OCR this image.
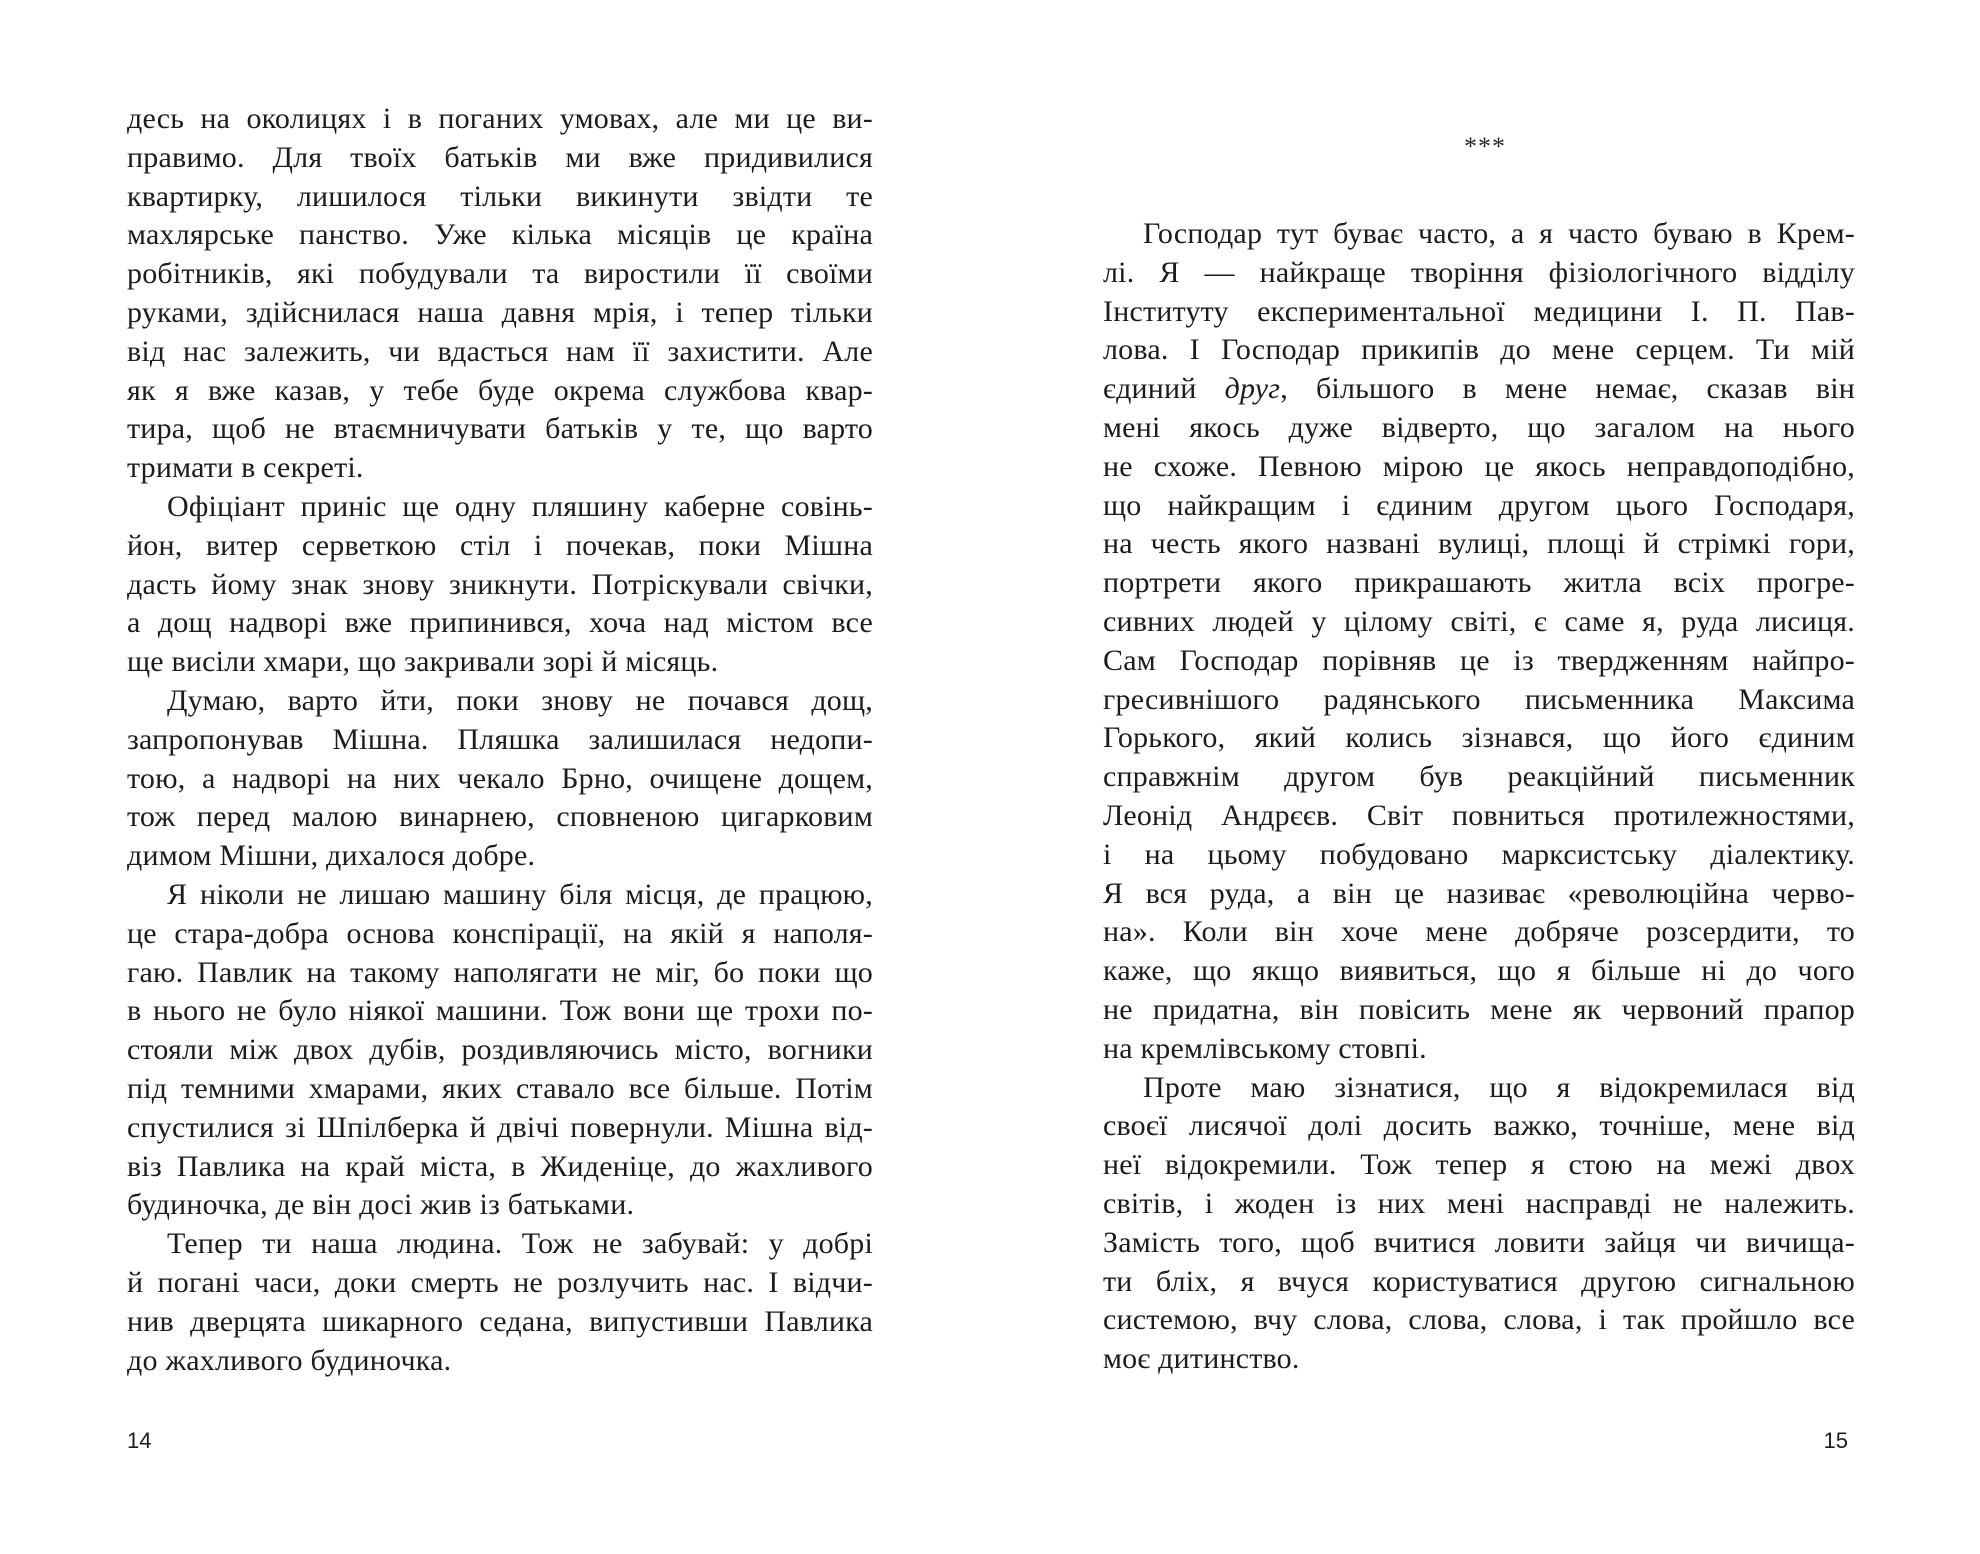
десь на околицях і в поганих умовах, але ми це ви-
правимо. Для твоїх батьків ми вже придивилися
квартирку, лишилося тільки викинути звідти те
махлярське панство. Уже кілька місяців це країна
робітників, які побудували та виростили її своїми
руками, здійснилася наша давня мрія, і тепер тільки
від нас залежить, чи вдасться нам її захистити. Але
як я вже казав, у тебе буде окрема службова квар-
тира, щоб не втаємничувати батьків у те, що варто
тримати в секреті.
Офіціант приніс ще одну пляшину каберне совінь-
йон, витер серветкою стіл і почекав, поки Мішна
дасть йому знак знову зникнути. Потріскували свічки,
а дощ надворі вже припинився, хоча над містом все
ще висіли хмари, що закривали зорі й місяць.
Думаю, варто йти, поки знову не почався дощ,
запропонував Мішна. Пляшка залишилася недопи-
тою, а надворі на них чекало Брно, очищене дощем,
тож перед малою винарнею, сповненою цигарковим
димом Мішни, дихалося добре.
Я ніколи не лишаю машину біля місця, де працюю,
це стара-добра основа конспірації, на якій я наполя-
гаю. Павлик на такому наполягати не міг, бо поки що
в нього не було ніякої машини. Тож вони ще трохи по-
стояли між двох дубів, роздивляючись місто, вогники
під темними хмарами, яких ставало все більше. Потім
спустилися зі Шпілберка й двічі повернули. Мішна від-
віз Павлика на край міста, в Жиденіце, до жахливого
будиночка, де він досі жив із батьками.
Тепер ти наша людина. Тож не забувай: у добрі
й погані часи, доки смерть не розлучить нас. І відчи-
нив дверцята шикарного седана, випустивши Павлика
до жахливого будиночка.
14
***
Господар тут буває часто, а я часто буваю в Крем-
лі. Я — найкраще творіння фізіологічного відділу
Інституту експериментальної медицини І. П. Пав-
лова. І Господар прикипів до мене серцем. Ти мій
єдиний друг, більшого в мене немає, сказав він
мені якось дуже відверто, що загалом на нього
не схоже. Певною мірою це якось неправдоподібно,
що найкращим і єдиним другом цього Господаря,
на честь якого названі вулиці, площі й стрімкі гори,
портрети якого прикрашають житла всіх прогре-
сивних людей у цілому світі, є саме я, руда лисиця.
Сам Господар порівняв це із твердженням найпро-
гресивнішого радянського письменника Максима
Горького, який колись зізнався, що його єдиним
справжнім другом був реакційний письменник
Леонід Андрєєв. Світ повниться протилежностями,
і на цьому побудовано марксистську діалектику.
Я вся руда, а він це називає «революційна черво-
на». Коли він хоче мене добряче розсердити, то
каже, що якщо виявиться, що я більше ні до чого
не придатна, він повісить мене як червоний прапор
на кремлівському стовпі.
Проте маю зізнатися, що я відокремилася від
своєї лисячої долі досить важко, точніше, мене від
неї відокремили. Тож тепер я стою на межі двох
світів, і жоден із них мені насправді не належить.
Замість того, щоб вчитися ловити зайця чи вичища-
ти бліх, я вчуся користуватися другою сигнальною
системою, вчу слова, слова, слова, і так пройшло все
моє дитинство.
15
